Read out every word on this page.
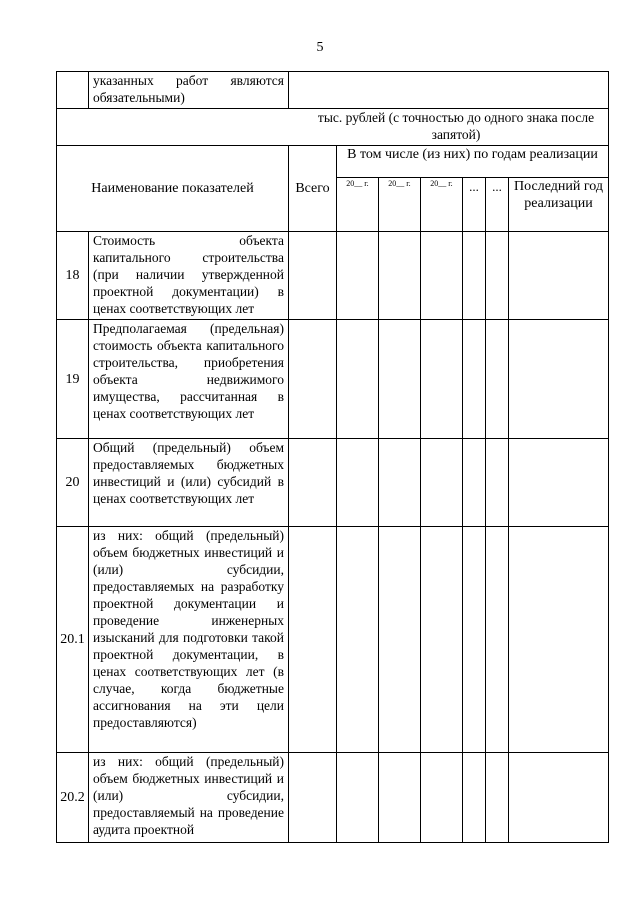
5
	указанных работ являются обязательными)							
тыс. рублей (с точностью до одного знака после запятой)								
Наименование показателей		Всего	В том числе (из них) по годам реализации					
			20__ г.	20__ г.	20__ г.	...	...	Последний год реализации
18	Стоимость объекта капитального строительства (при наличии утвержденной проектной документации) в ценах соответствующих лет							
19	Предполагаемая (предельная) стоимость объекта капитального строительства, приобретения объекта недвижимого имущества, рассчитанная в ценах соответствующих лет							
20	Общий (предельный) объем предоставляемых бюджетных инвестиций и (или) субсидий в ценах соответствующих лет							
20.1	из них: общий (предельный) объем бюджетных инвестиций и (или) субсидии, предоставляемых на разработку проектной документации и проведение инженерных изысканий для подготовки такой проектной документации, в ценах соответствующих лет (в случае, когда бюджетные ассигнования на эти цели предоставляются)							
20.2	из них: общий (предельный) объем бюджетных инвестиций и (или) субсидии, предоставляемый на проведение аудита проектной							
